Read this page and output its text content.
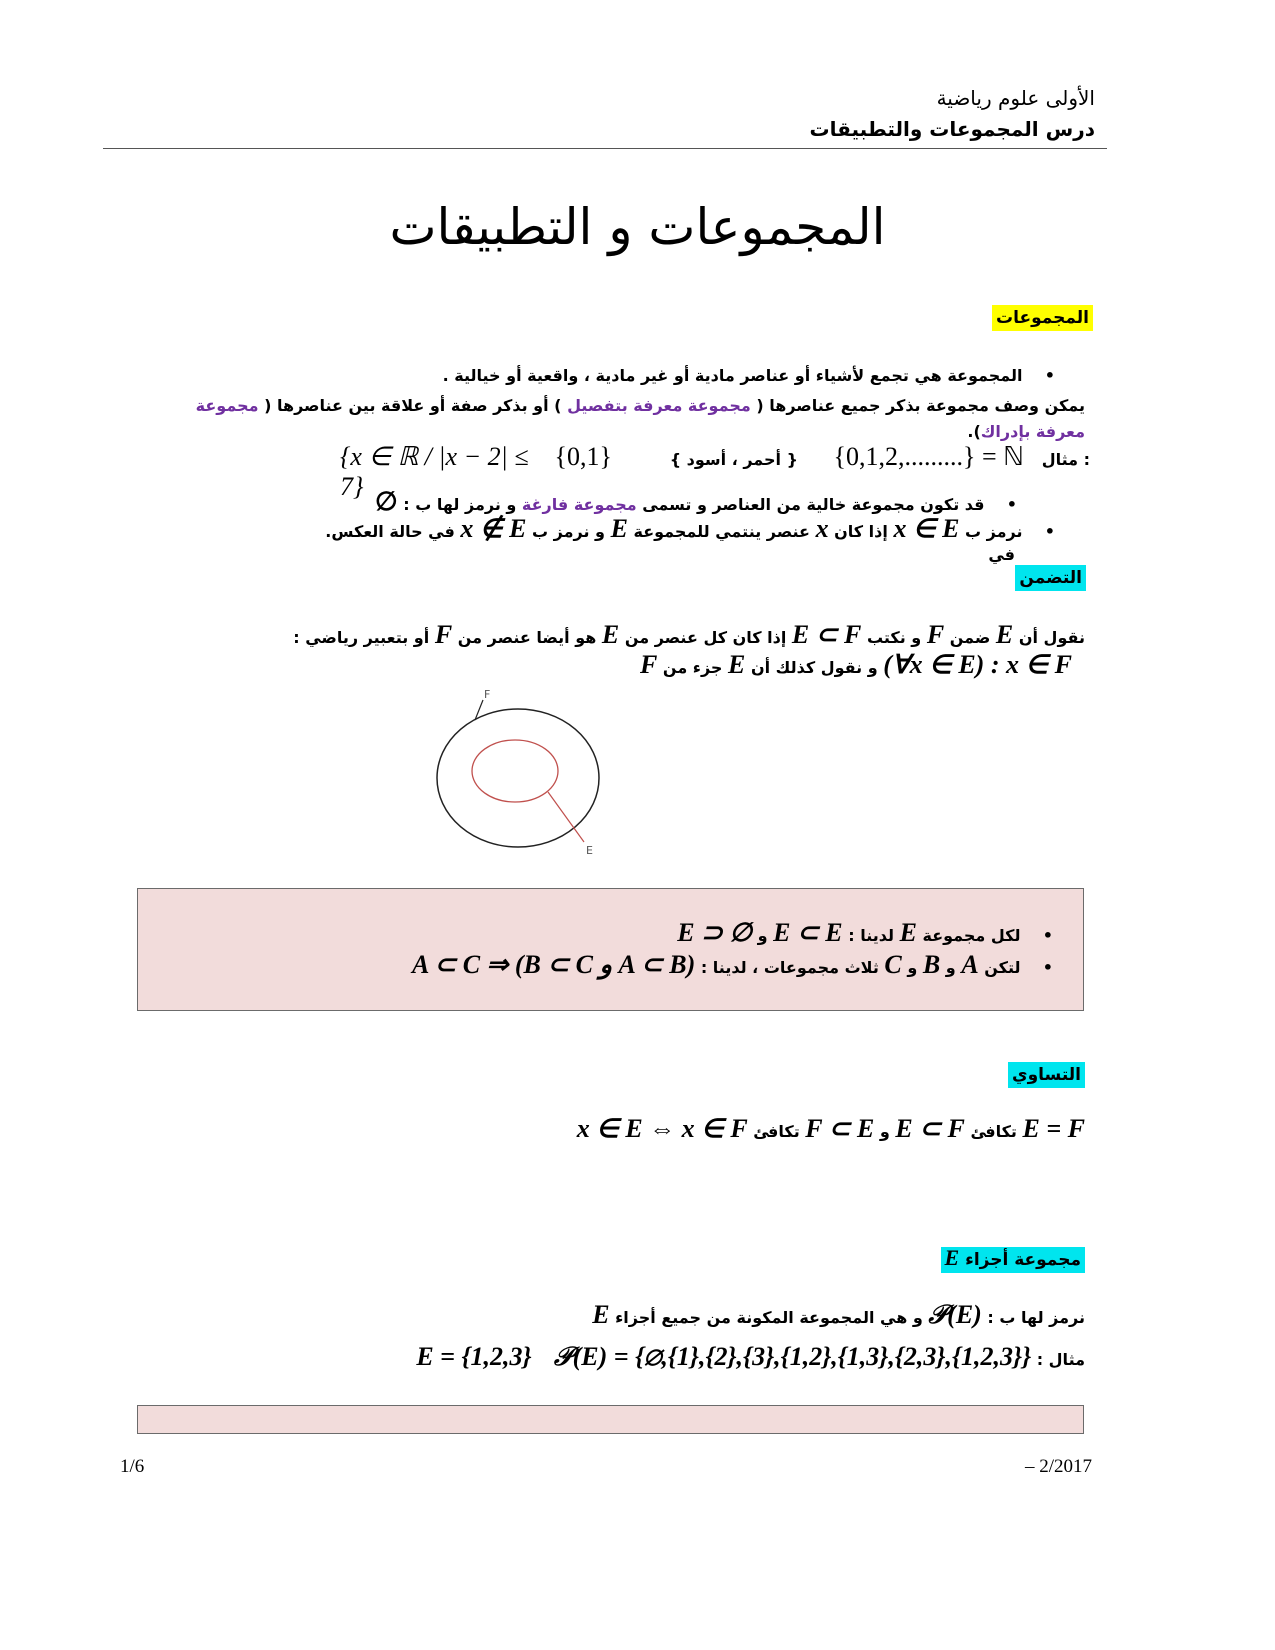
الأولى علوم رياضية
درس المجموعات والتطبيقات
المجموعات و التطبيقات
المجموعات
•    المجموعة هي تجمع لأشياء أو عناصر مادية أو غير مادية ، واقعية أو خيالية .
يمكن وصف مجموعة بذكر جميع عناصرها ( مجموعة معرفة بتفصيل ) أو بذكر صفة أو علاقة بين عناصرها ( مجموعة معرفة بإدراك).
مثال :
{0,1,2,.........} = ℕ
{ أحمر ، أسود }
{0,1}
{x ∈ ℝ / |x − 2| ≤ 7}
•    قد تكون مجموعة خالية من العناصر و تسمى مجموعة فارغة و نرمز لها ب : ∅
•    نرمز ب x ∈ E إذا كان x عنصر ينتمي للمجموعة E و نرمز ب x ∉ E في حالة العكس.
في
التضمن
نقول أن E ضمن F و نكتب E ⊂ F إذا كان كل عنصر من E هو أيضا عنصر من F أو بتعبير رياضي :
F جزء من E و نقول كذلك أن (∀x ∈ E) : x ∈ F
F
E
•    لكل مجموعة E لدينا : E ⊂ E و ∅ ⊂ E
•    لتكن A و B و C ثلاث مجموعات ، لدينا : (A ⊂ B و B ⊂ C) ⇒ A ⊂ C
التساوي
E = F تكافئ E ⊂ F و F ⊂ E تكافئ x ∈ E ⇔ x ∈ F
مجموعة أجزاء E
نرمز لها ب : 𝒫(E) و هي المجموعة المكونة من جميع أجزاء E
مثال : E = {1,2,3} 𝒫(E) = {∅,{1},{2},{3},{1,2},{1,3},{2,3},{1,2,3}}
1/6	– 2/2017
